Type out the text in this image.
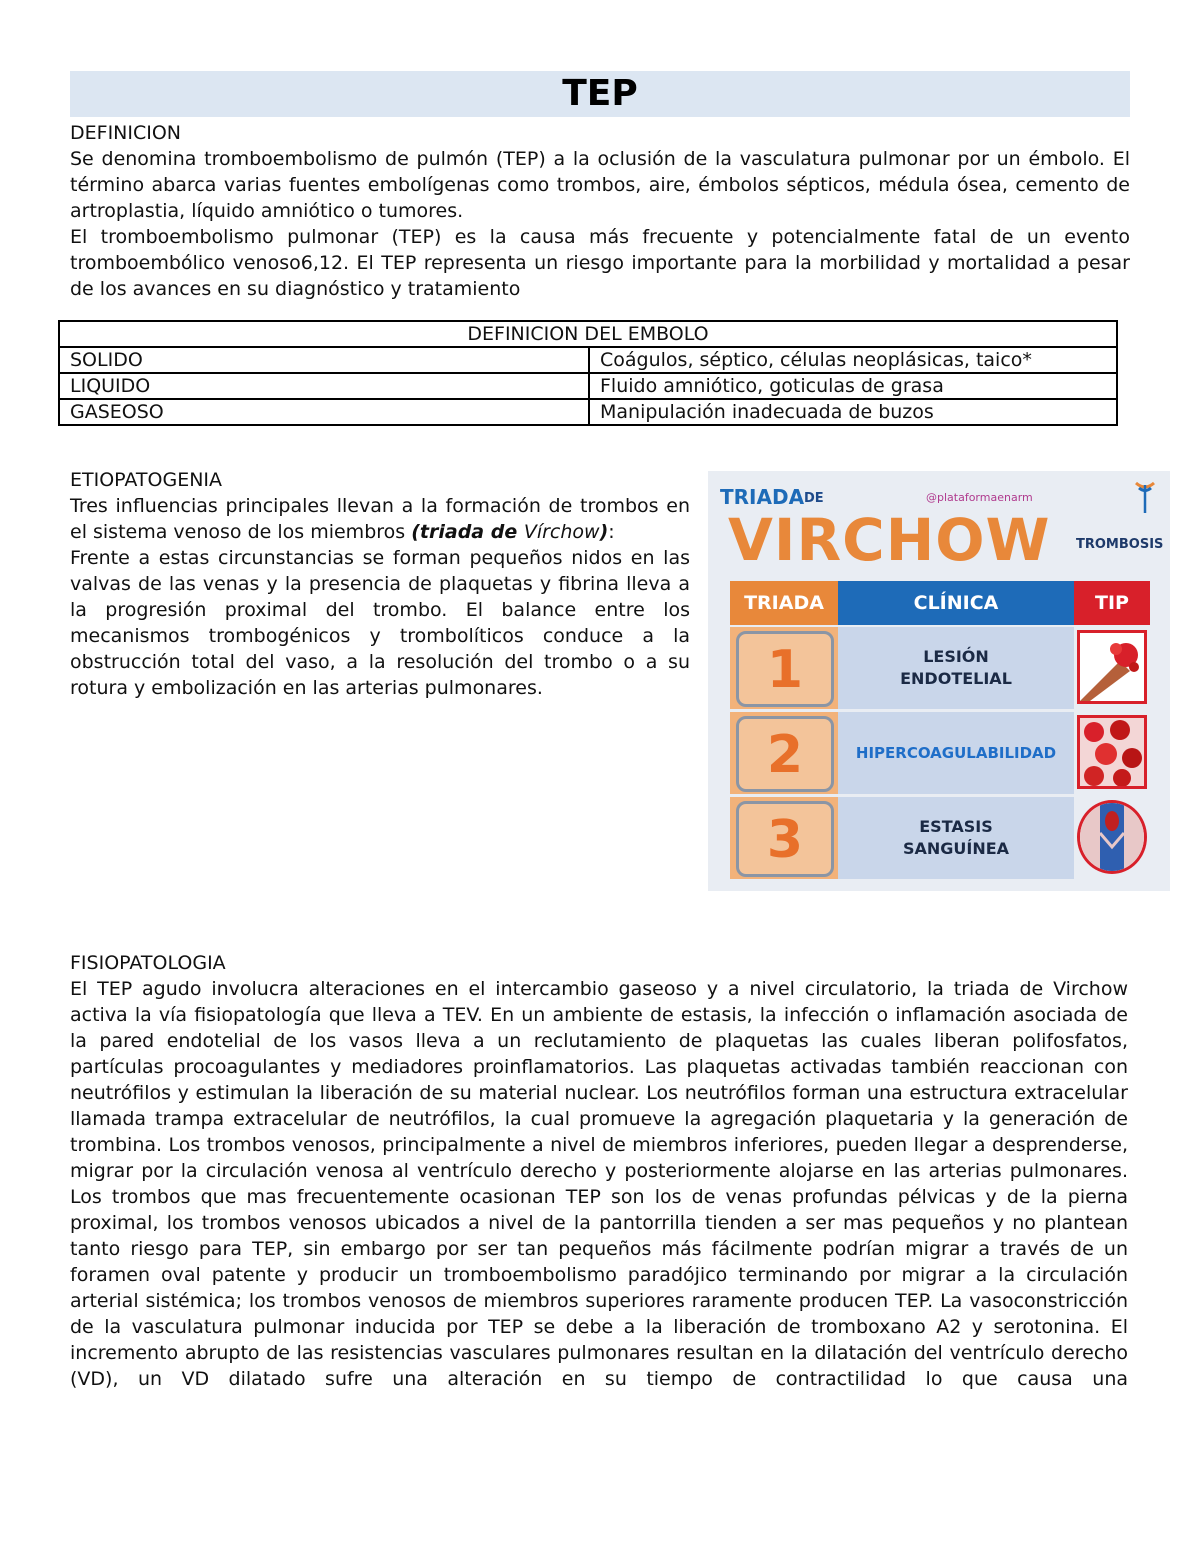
TEP

DEFINICION

Se denomina tromboembolismo de pulmón (TEP) a la oclusión de la vasculatura pulmonar por un émbolo. El término abarca varias fuentes embolígenas como trombos, aire, émbolos sépticos, médula ósea, cemento de artroplastia, líquido amniótico o tumores.

El tromboembolismo pulmonar (TEP) es la causa más frecuente y potencialmente fatal de un evento tromboembólico venoso6,12. El TEP representa un riesgo importante para la morbilidad y mortalidad a pesar de los avances en su diagnóstico y tratamiento

DEFINICION DEL EMBOLO	
SOLIDO	Coágulos, séptico, células neoplásicas, taico*
LIQUIDO	Fluido amniótico, goticulas de grasa
GASEOSO	Manipulación inadecuada de buzos

ETIOPATOGENIA

Tres influencias principales llevan a la formación de trombos en el sistema venoso de los miembros (triada de Vírchow):

Frente a estas circunstancias se forman pequeños nidos en las valvas de las venas y la presencia de plaquetas y fibrina lleva a la progresión proximal del trombo. El balance entre los mecanismos trombogénicos y trombolíticos conduce a la obstrucción total del vaso, a la resolución del trombo o a su rotura y embolización en las arterias pulmonares.

TRIADA DE	@plataformaenarm
VIRCHOW TROMBOSIS
TRIADA	CLÍNICA	TIP
1	LESIÓN
ENDOTELIAL
2	HIPERCOAGULABILIDAD
3	ESTASIS
SANGUÍNEA

FISIOPATOLOGIA

El TEP agudo involucra alteraciones en el intercambio gaseoso y a nivel circulatorio, la triada de Virchow activa la vía fisiopatología que lleva a TEV. En un ambiente de estasis, la infección o inflamación asociada de la pared endotelial de los vasos lleva a un reclutamiento de plaquetas las cuales liberan polifosfatos, partículas procoagulantes y mediadores proinflamatorios. Las plaquetas activadas también reaccionan con neutrófilos y estimulan la liberación de su material nuclear. Los neutrófilos forman una estructura extracelular llamada trampa extracelular de neutrófilos, la cual promueve la agregación plaquetaria y la generación de trombina. Los trombos venosos, principalmente a nivel de miembros inferiores, pueden llegar a desprenderse, migrar por la circulación venosa al ventrículo derecho y posteriormente alojarse en las arterias pulmonares. Los trombos que mas frecuentemente ocasionan TEP son los de venas profundas pélvicas y de la pierna proximal, los trombos venosos ubicados a nivel de la pantorrilla tienden a ser mas pequeños y no plantean tanto riesgo para TEP, sin embargo por ser tan pequeños más fácilmente podrían migrar a través de un foramen oval patente y producir un tromboembolismo paradójico terminando por migrar a la circulación arterial sistémica; los trombos venosos de miembros superiores raramente producen TEP. La vasoconstricción de la vasculatura pulmonar inducida por TEP se debe a la liberación de tromboxano A2 y serotonina. El incremento abrupto de las resistencias vasculares pulmonares resultan en la dilatación del ventrículo derecho (VD), un VD dilatado sufre una alteración en su tiempo de contractilidad lo que causa una
